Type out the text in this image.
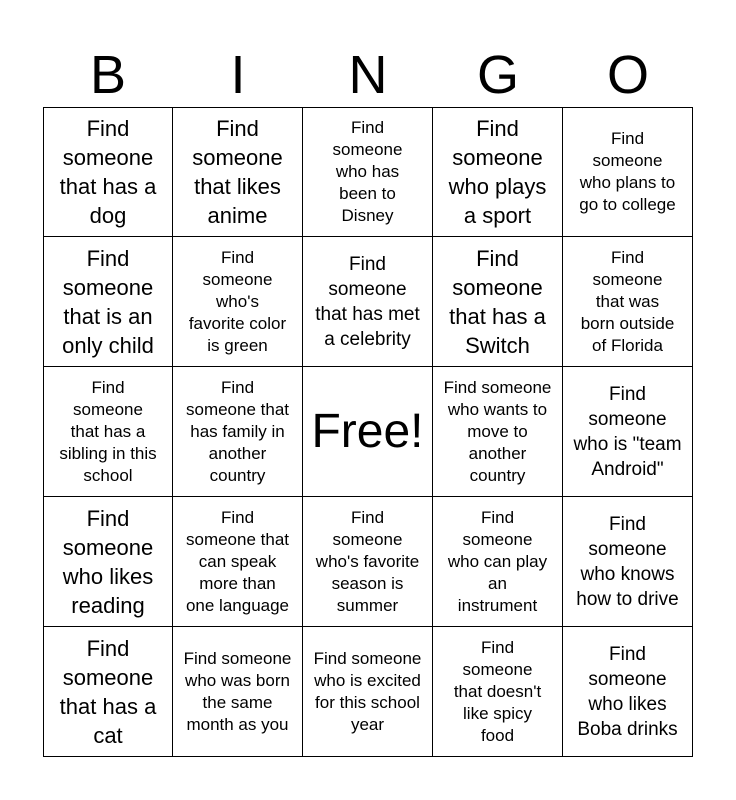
B	I	N	G	O
Find
someone
that has a
dog
Find
someone
that likes
anime
Find
someone
who has
been to
Disney
Find
someone
who plays
a sport
Find
someone
who plans to
go to college
Find
someone
that is an
only child
Find
someone
who's
favorite color
is green
Find
someone
that has met
a celebrity
Find
someone
that has a
Switch
Find
someone
that was
born outside
of Florida
Find
someone
that has a
sibling in this
school
Find
someone that
has family in
another
country
Free!
Find someone
who wants to
move to
another
country
Find
someone
who is "team
Android"
Find
someone
who likes
reading
Find
someone that
can speak
more than
one language
Find
someone
who's favorite
season is
summer
Find
someone
who can play
an
instrument
Find
someone
who knows
how to drive
Find
someone
that has a
cat
Find someone
who was born
the same
month as you
Find someone
who is excited
for this school
year
Find
someone
that doesn't
like spicy
food
Find
someone
who likes
Boba drinks
